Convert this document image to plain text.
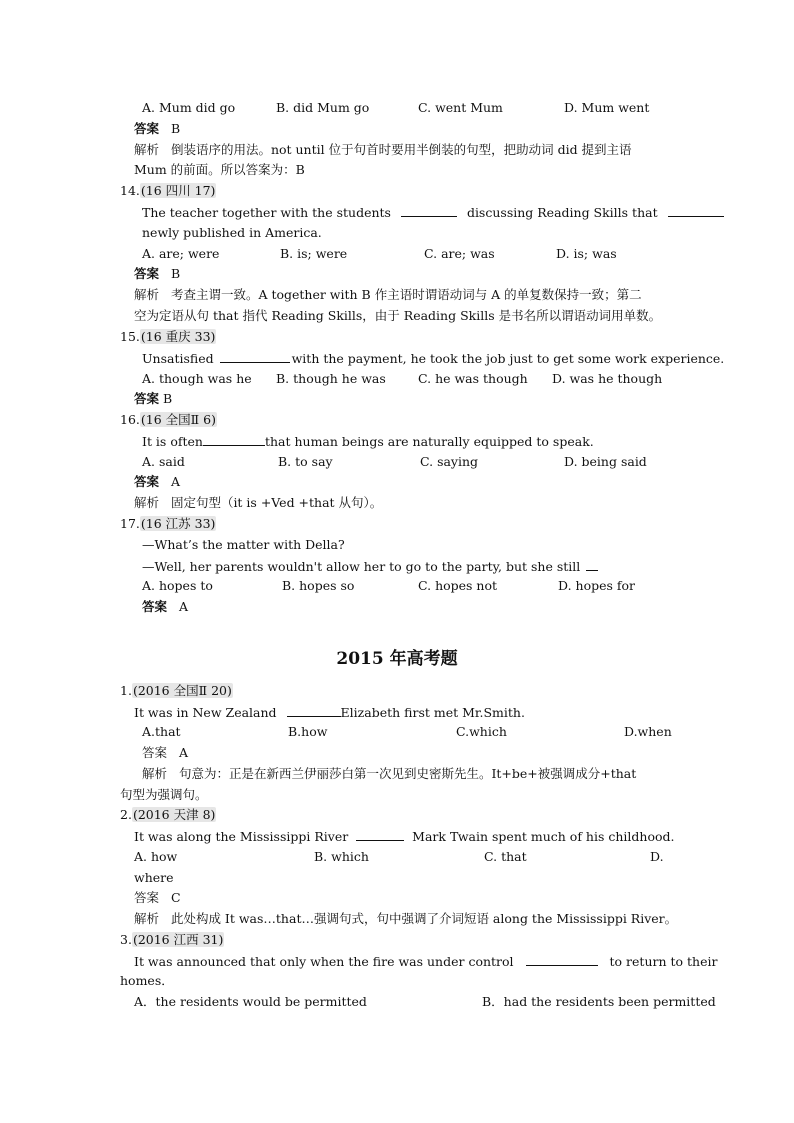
A. Mum did go	B. did Mum go	C. went Mum	D. Mum went
答案 B
解析 倒装语序的用法。not until 位于句首时要用半倒装的句型，把助动词 did 提到主语
Mum 的前面。所以答案为：B
14.(16 四川 17)
The teacher together with the students	discussing Reading Skills that
newly published in America.
A. are; were	B. is; were	C. are; was	D. is; was
答案 B
解析 考查主谓一致。A together with B 作主语时谓语动词与 A 的单复数保持一致；第二
空为定语从句 that 指代 Reading Skills，由于 Reading Skills 是书名所以谓语动词用单数。
15.(16 重庆 33)
Unsatisfied	with the payment, he took the job just to get some work experience.
A. though was he B. though he was	C. he was though D. was he though
答案 B
16.(16 全国Ⅱ 6)
It is often	that human beings are naturally equipped to speak.
A. said	B. to say	C. saying	D. being said
答案 A
解析 固定句型（it is +Ved +that 从句）。
17.(16 江苏 33)
—What’s the matter with Della?
—Well, her parents wouldn't allow her to go to the party, but she still
A. hopes to	B. hopes so	C. hopes not	D. hopes for
答案 A
2015 年高考题
1.(2016 全国Ⅱ 20)
It was in New Zealand	Elizabeth first met Mr.Smith.
A.that	B.how	C.which	D.when
答案 A
解析 句意为：正是在新西兰伊丽莎白第一次见到史密斯先生。It+be+被强调成分+that
句型为强调句。
2.(2016 天津 8)
It was along the Mississippi River	Mark Twain spent much of his childhood.
A. how	B. which	C. that	D.
where
答案 C
解析 此处构成 It was…that…强调句式，句中强调了介词短语 along the Mississippi River。
3.(2016 江西 31)
It was announced that only when the fire was under control	to return to their
homes．
A．the residents would be permitted	B．had the residents been permitted
